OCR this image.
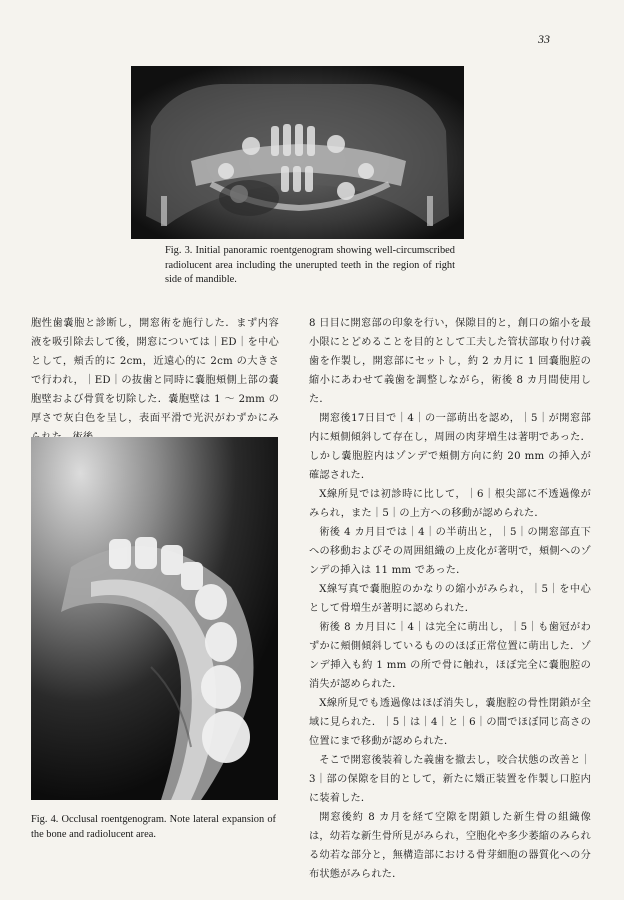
33
Fig. 3. Initial panoramic roentgenogram showing well-circumscribed radiolucent area including the unerupted teeth in the region of right side of mandible.

胞性歯嚢胞と診断し，開窓術を施行した．まず内容液を吸引除去して後，開窓については｜ED｜を中心として，頬舌的に 2cm，近遠心的に 2cm の大きさで行われ，｜ED｜の抜歯と同時に嚢胞頬側上部の嚢胞壁および骨質を切除した．嚢胞壁は 1 ～ 2mm の厚さで灰白色を呈し，表面平滑で光沢がわずかにみ

Fig. 4. Occlusal roentgenogram. Note lateral expansion of the bone and radiolucent area.

8 日目に開窓部の印象を行い，保隙目的と，創口の縮小を最小限にとどめることを目的として工夫した管状部取り付け義歯を作製し，開窓部にセットし，約 2 カ月に 1 回嚢胞腔の縮小にあわせて義歯を調整しながら，術後 8 カ月間使用した．

開窓後17日目で｜4｜の一部萌出を認め，｜5｜が開窓部内に頬側傾斜して存在し，周囲の肉芽増生は著明であった．しかし嚢胞腔内はゾンデで頬側方向に約 20 mm の挿入が確認された．

X線所見では初診時に比して，｜6｜根尖部に不透過像がみられ，また｜5｜の上方への移動が認められた．

術後 4 カ月目では｜4｜の半萌出と，｜5｜の開窓部直下への移動およびその周囲組織の上皮化が著明で，頬側へのゾンデの挿入は 11 mm であった．

X線写真で嚢胞腔のかなりの縮小がみられ，｜5｜を中心として骨増生が著明に認められた．

術後 8 カ月目に｜4｜は完全に萌出し，｜5｜も歯冠がわずかに頬側傾斜しているもののほぼ正常位置に萌出した．ゾンデ挿入も約 1 mm の所で骨に触れ，ほぼ完全に嚢胞腔の消失が認められた．

X線所見でも透過像はほぼ消失し，嚢胞腔の骨性閉鎖が全域に見られた．｜5｜は｜4｜と｜6｜の間でほぼ同じ高さの位置にまで移動が認められた．

そこで開窓後装着した義歯を撤去し，咬合状態の改善と｜3｜部の保隙を目的として，新たに矯正装置を作製し口腔内に装着した．

開窓後約 8 カ月を経て空隙を閉鎖した新生骨の組織像は，幼若な新生骨所見がみられ，空胞化や多少萎縮のみられる幼若な部分と，無構造部における骨芽細胞の器質化への分布状態がみられた．
